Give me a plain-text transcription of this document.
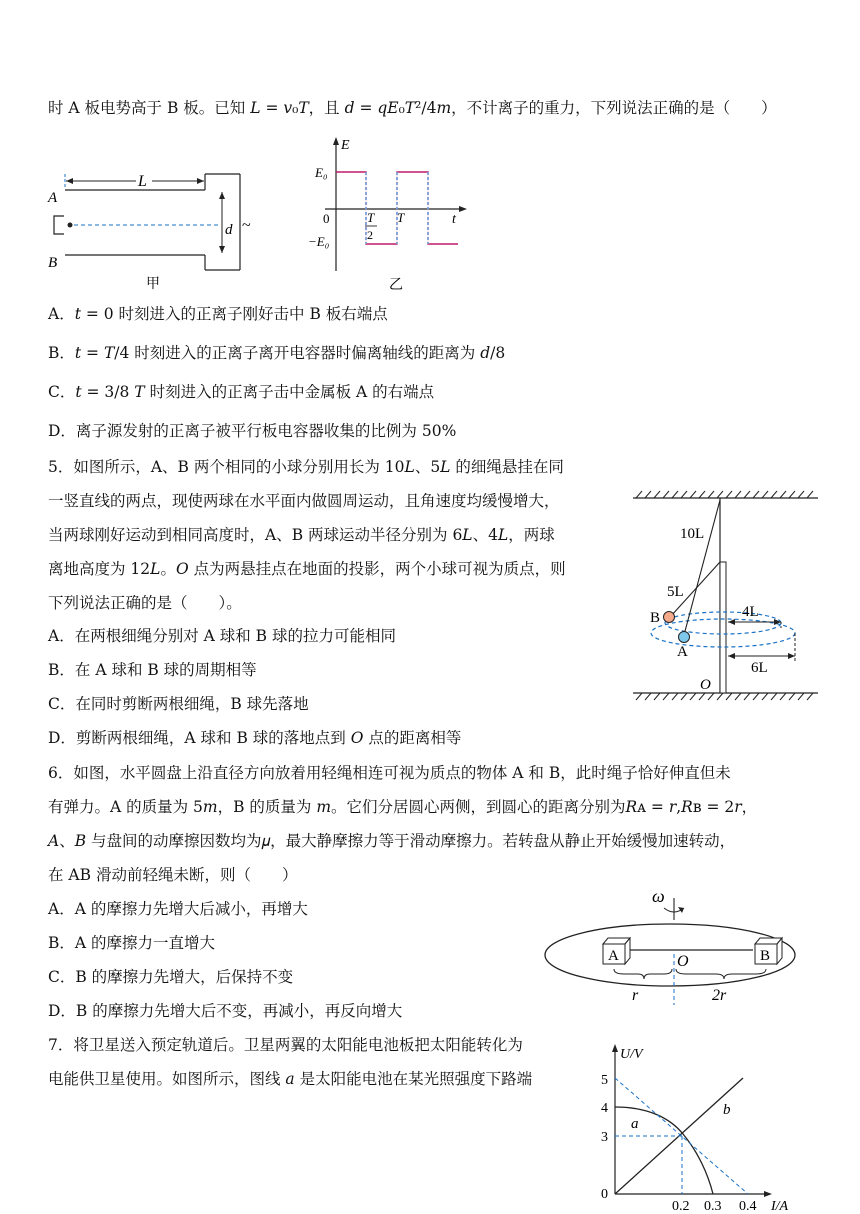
时 A 板电势高于 B 板。已知 𝐿 = 𝑣₀𝑇，且 𝑑 = 𝑞𝐸₀𝑇²/4𝑚，不计离子的重力，下列说法正确的是（　　）
A．𝑡 = 0 时刻进入的正离子刚好击中 B 板右端点
B．𝑡 = 𝑇/4 时刻进入的正离子离开电容器时偏离轴线的距离为 𝑑/8
C．𝑡 = 3/8 𝑇 时刻进入的正离子击中金属板 A 的右端点
D．离子源发射的正离子被平行板电容器收集的比例为 50%
5．如图所示，A、B 两个相同的小球分别用长为 10𝐿、5𝐿 的细绳悬挂在同
一竖直线的两点，现使两球在水平面内做圆周运动，且角速度均缓慢增大，
当两球刚好运动到相同高度时，A、B 两球运动半径分别为 6𝐿、4𝐿，两球
离地高度为 12𝐿。𝑂 点为两悬挂点在地面的投影，两个小球可视为质点，则
下列说法正确的是（　　）。
A．在两根细绳分别对 A 球和 B 球的拉力可能相同
B．在 A 球和 B 球的周期相等
C．在同时剪断两根细绳，B 球先落地
D．剪断两根细绳，A 球和 B 球的落地点到 𝑂 点的距离相等
6．如图，水平圆盘上沿直径方向放着用轻绳相连可视为质点的物体 A 和 B，此时绳子恰好伸直但未
有弹力。A 的质量为 5𝑚，B 的质量为 𝑚。它们分居圆心两侧，到圆心的距离分别为𝑅ᴀ = 𝑟,𝑅ʙ = 2𝑟，
𝐴、𝐵 与盘间的动摩擦因数均为𝜇，最大静摩擦力等于滑动摩擦力。若转盘从静止开始缓慢加速转动，
在 AB 滑动前轻绳未断，则（　　）
A．A 的摩擦力先增大后减小，再增大
B．A 的摩擦力一直增大
C．B 的摩擦力先增大，后保持不变
D．B 的摩擦力先增大后不变，再减小，再反向增大
7．将卫星送入预定轨道后。卫星两翼的太阳能电池板把太阳能转化为
电能供卫星使用。如图所示，图线 𝑎 是太阳能电池在某光照强度下路端
L
d ~
A
B
甲
E
E₀
−E₀
0	T
2
T	t
乙
10L
5L
B
A
4L
6L
O
ω
A	B
O
r	2r
U/V
5
4
3
0
0.2 0.3 0.4 I/A
a
b
